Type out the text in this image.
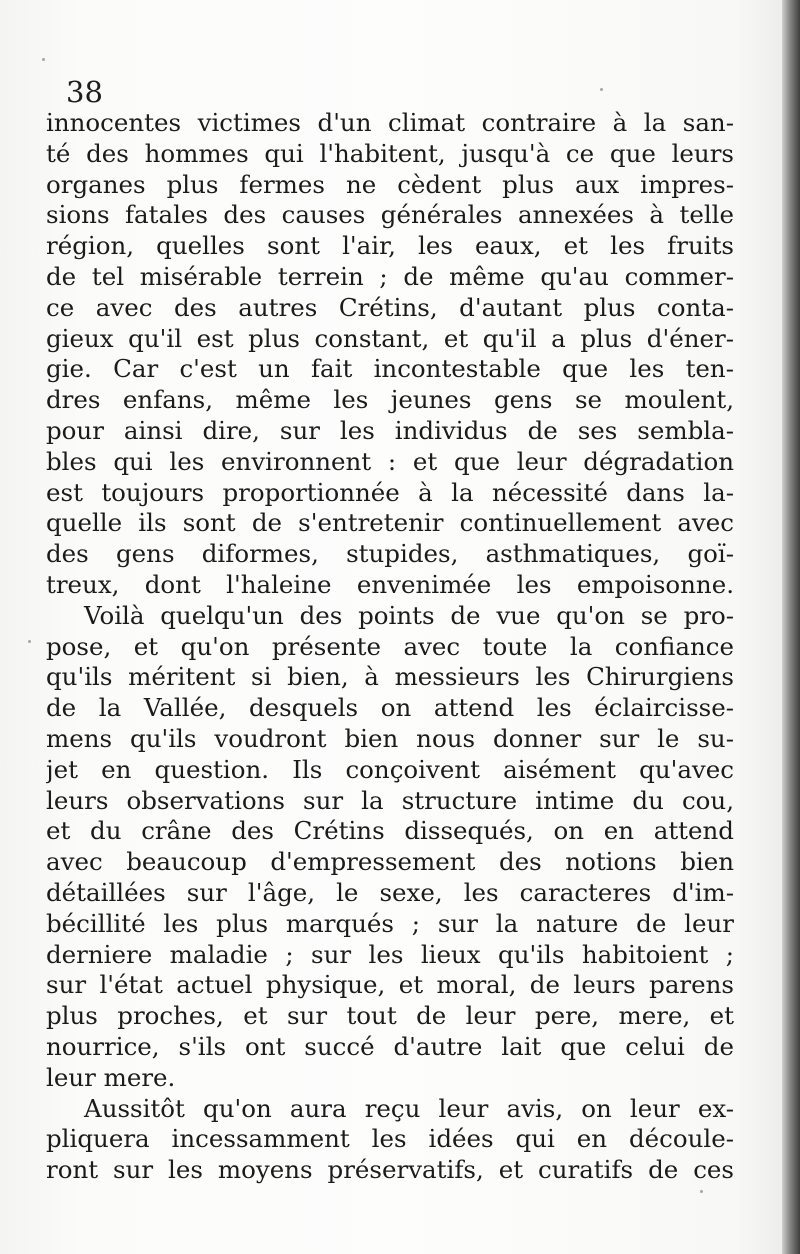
38
innocentes victimes d'un climat contraire à la san-
té des hommes qui l'habitent, jusqu'à ce que leurs
organes plus fermes ne cèdent plus aux impres-
sions fatales des causes générales annexées à telle
région, quelles sont l'air, les eaux, et les fruits
de tel misérable terrein ; de même qu'au commer-
ce avec des autres Crétins, d'autant plus conta-
gieux qu'il est plus constant, et qu'il a plus d'éner-
gie. Car c'est un fait incontestable que les ten-
dres enfans, même les jeunes gens se moulent,
pour ainsi dire, sur les individus de ses sembla-
bles qui les environnent : et que leur dégradation
est toujours proportionnée à la nécessité dans la-
quelle ils sont de s'entretenir continuellement avec
des gens diformes, stupides, asthmatiques, goï-
treux, dont l'haleine envenimée les empoisonne.
Voilà quelqu'un des points de vue qu'on se pro-
pose, et qu'on présente avec toute la confiance
qu'ils méritent si bien, à messieurs les Chirurgiens
de la Vallée, desquels on attend les éclaircisse-
mens qu'ils voudront bien nous donner sur le su-
jet en question. Ils conçoivent aisément qu'avec
leurs observations sur la structure intime du cou,
et du crâne des Crétins dissequés, on en attend
avec beaucoup d'empressement des notions bien
détaillées sur l'âge, le sexe, les caracteres d'im-
bécillité les plus marqués ; sur la nature de leur
derniere maladie ; sur les lieux qu'ils habitoient ;
sur l'état actuel physique, et moral, de leurs parens
plus proches, et sur tout de leur pere, mere, et
nourrice, s'ils ont succé d'autre lait que celui de
leur mere.
Aussitôt qu'on aura reçu leur avis, on leur ex-
pliquera incessamment les idées qui en découle-
ront sur les moyens préservatifs, et curatifs de ces
